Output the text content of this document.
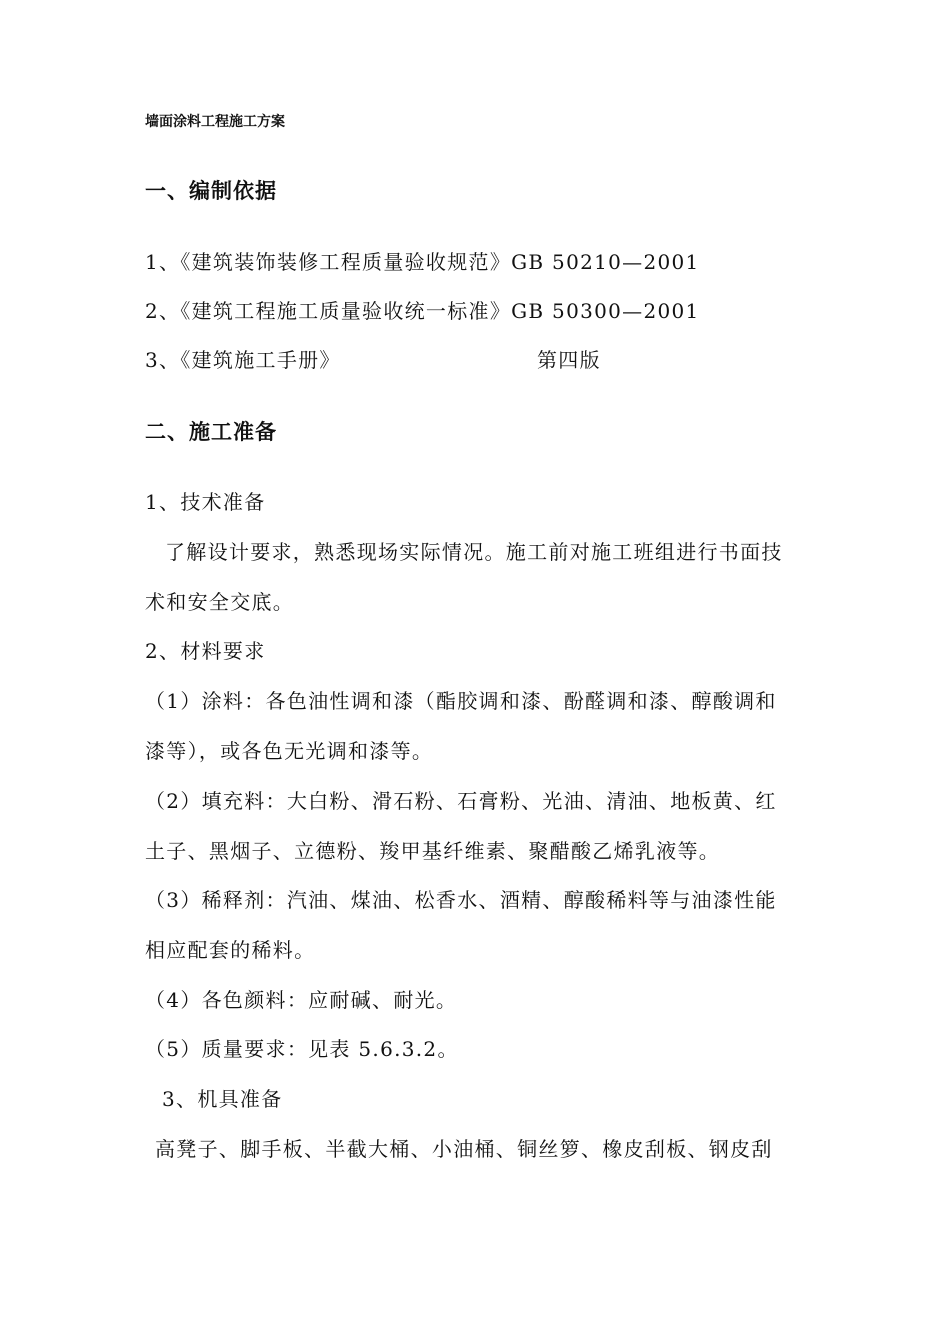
墙面涂料工程施工方案
一、编制依据
1、《建筑装饰装修工程质量验收规范》GB 50210—2001
2、《建筑工程施工质量验收统一标准》GB 50300—2001
3、《建筑施工手册》	第四版
二、施工准备
1、技术准备
了解设计要求，熟悉现场实际情况。施工前对施工班组进行书面技
术和安全交底。
2、材料要求
（1）涂料：各色油性调和漆（酯胶调和漆、酚醛调和漆、醇酸调和
漆等），或各色无光调和漆等。
（2）填充料：大白粉、滑石粉、石膏粉、光油、清油、地板黄、红
土子、黑烟子、立德粉、羧甲基纤维素、聚醋酸乙烯乳液等。
（3）稀释剂：汽油、煤油、松香水、酒精、醇酸稀料等与油漆性能
相应配套的稀料。
（4）各色颜料：应耐碱、耐光。
（5）质量要求：见表 5.6.3.2。
3、机具准备
高凳子、脚手板、半截大桶、小油桶、铜丝箩、橡皮刮板、钢皮刮
